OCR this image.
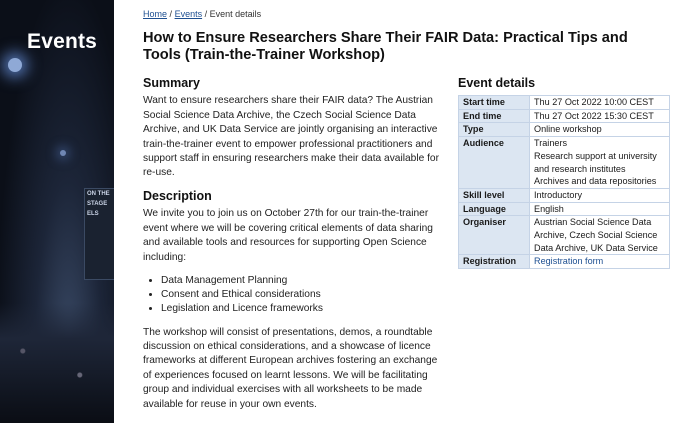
ON THE
STAGE
ELS
Events
Home / Events / Event details
How to Ensure Researchers Share Their FAIR Data: Practical Tips and Tools (Train-the-Trainer Workshop)
Summary

Want to ensure researchers share their FAIR data? The Austrian Social Science Data Archive, the Czech Social Science Data Archive, and UK Data Service are jointly organising an interactive train-the-trainer event to empower professional practitioners and support staff in ensuring researchers make their data available for re-use.

Description

We invite you to join us on October 27th for our train-the-trainer event where we will be covering critical elements of data sharing and available tools and resources for supporting Open Science including:

• Data Management Planning
• Consent and Ethical considerations
• Legislation and Licence frameworks

The workshop will consist of presentations, demos, a roundtable discussion on ethical considerations, and a showcase of licence frameworks at different European archives fostering an exchange of experiences focused on learnt lessons. We will be facilitating group and individual exercises with all worksheets to be made available for reuse in your own events.

Event details
Start time	Thu 27 Oct 2022 10:00 CEST

End time	Thu 27 Oct 2022 15:30 CEST

Type	Online workshop

Audience	Trainers
Research support at university and research institutes
Archives and data repositories

Skill level	Introductory

Language	English

Organiser	Austrian Social Science Data Archive, Czech Social Science Data Archive, UK Data Service

Registration	Registration form
